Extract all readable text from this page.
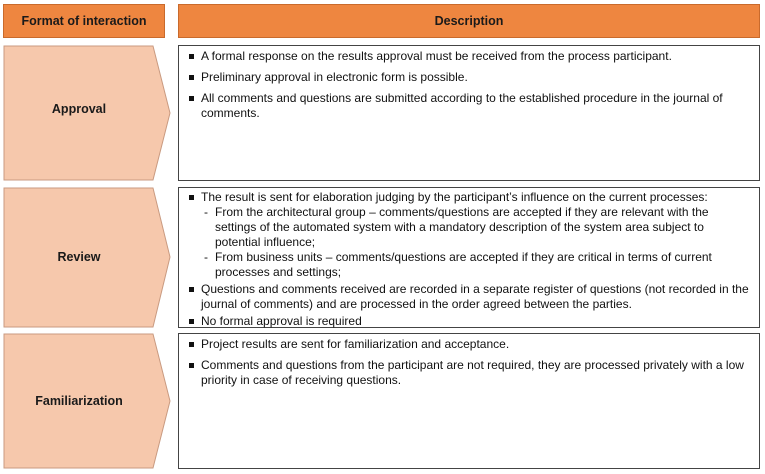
Format of interaction	Description
Approval
A formal response on the results approval must be received from the process participant.
Preliminary approval in electronic form is possible.
All comments and questions are submitted according to the established procedure in the journal of comments.
Review
The result is sent for elaboration judging by the participant’s influence on the current processes:
- From the architectural group – comments/questions are accepted if they are relevant with the settings of the automated system with a mandatory description of the system area subject to potential influence;
- From business units – comments/questions are accepted if they are critical in terms of current processes and settings;
Questions and comments received are recorded in a separate register of questions (not recorded in the journal of comments) and are processed in the order agreed between the parties.
No formal approval is required
Familiarization
Project results are sent for familiarization and acceptance.
Comments and questions from the participant are not required, they are processed privately with a low priority in case of receiving questions.
